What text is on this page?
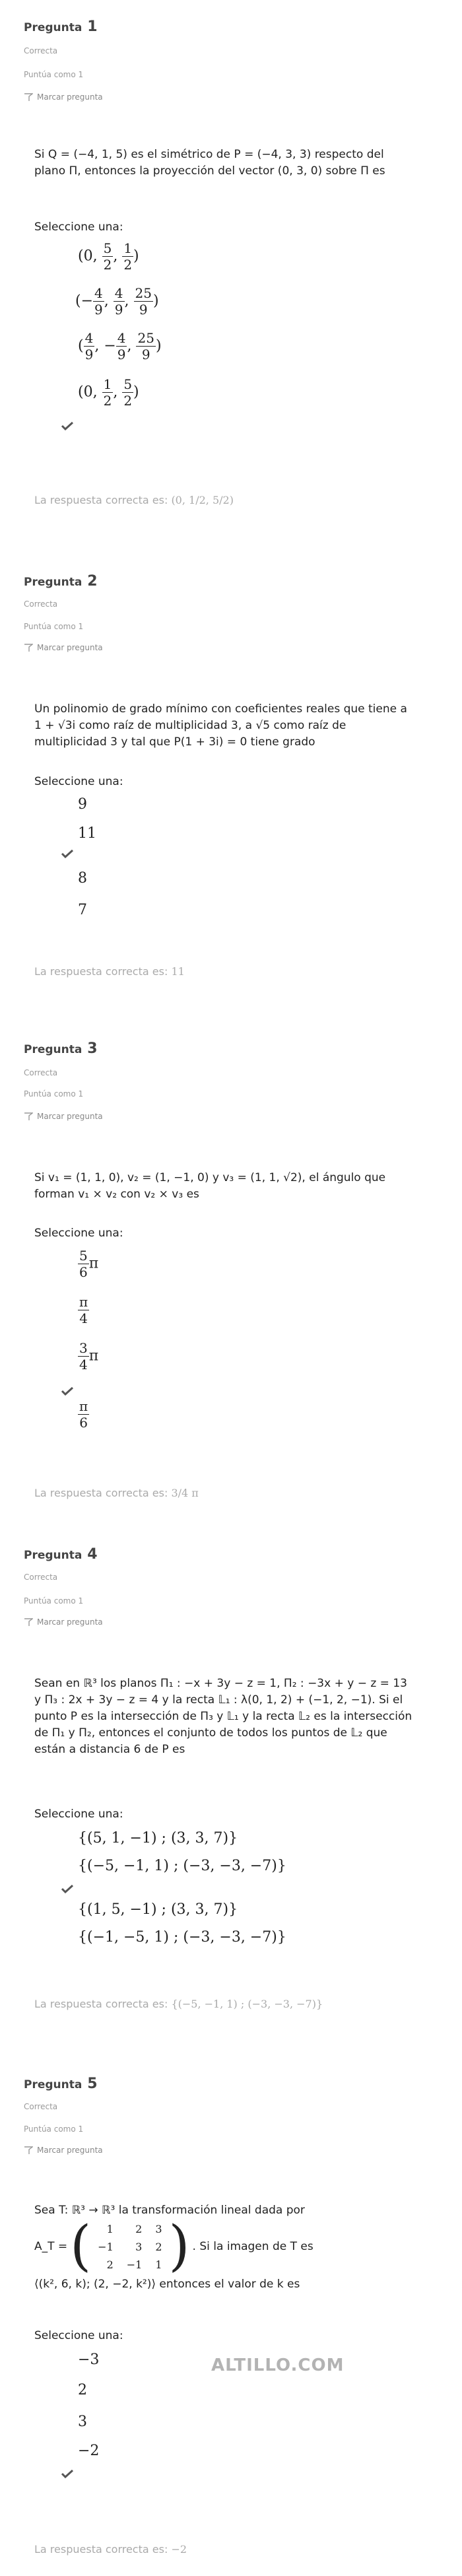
Pregunta 1
Correcta
Puntúa como 1
Marcar pregunta
Si Q = (−4, 1, 5) es el simétrico de P = (−4, 3, 3) respecto del plano Π, entonces la proyección del vector (0, 3, 0) sobre Π es
Seleccione una:
(0, $\frac{5}{2}$ , $\frac{1}{2}$ )
(− $\frac{4}{9}$ , $\frac{4}{9}$ , $\frac{25}{9}$ )
( $\frac{4}{9}$ , − $\frac{4}{9}$ , $\frac{25}{9}$ )
(0, $\frac{1}{2}$ , $\frac{5}{2}$ )
La respuesta correcta es: (0, 1/2, 5/2)
Pregunta 2
Correcta
Puntúa como 1
Marcar pregunta
Un polinomio de grado mínimo con coeficientes reales que tiene a 1 + √3i como raíz de multiplicidad 3, a √5 como raíz de multiplicidad 3 y tal que P(1 + 3i) = 0 tiene grado
Seleccione una:
9
11
8
7
La respuesta correcta es: 11
Pregunta 3
Correcta
Puntúa como 1
Marcar pregunta
Si v₁ = (1, 1, 0), v₂ = (1, −1, 0) y v₃ = (1, 1, √2), el ángulo que forman v₁ × v₂ con v₂ × v₃ es
Seleccione una:
$\frac{5}{6}$ π
$\frac{\pi}{4}$
$\frac{3}{4}$ π
$\frac{\pi}{6}$
La respuesta correcta es: 3/4 π
Pregunta 4
Correcta
Puntúa como 1
Marcar pregunta
Sean en ℝ³ los planos Π₁ : −x + 3y − z = 1, Π₂ : −3x + y − z = 13 y Π₃ : 2x + 3y − z = 4 y la recta 𝕃₁ : λ(0, 1, 2) + (−1, 2, −1). Si el punto P es la intersección de Π₃ y 𝕃₁ y la recta 𝕃₂ es la intersección de Π₁ y Π₂, entonces el conjunto de todos los puntos de 𝕃₂ que están a distancia 6 de P es
Seleccione una:
{(5, 1, −1) ; (3, 3, 7)}
{(−5, −1, 1) ; (−3, −3, −7)}
{(1, 5, −1) ; (3, 3, 7)}
{(−1, −5, 1) ; (−3, −3, −7)}
La respuesta correcta es: {(−5, −1, 1) ; (−3, −3, −7)}
Pregunta 5
Correcta
Puntúa como 1
Marcar pregunta
Sea T: ℝ³ → ℝ³ la transformación lineal dada por
A_T = ( 1	2	3
−1	3	2
2	−1	1 ) . Si la imagen de T es
⟨(k², 6, k); (2, −2, k²)⟩ entonces el valor de k es
Seleccione una:
−3
2
3
−2
La respuesta correcta es: −2
ALTILLO.COM
